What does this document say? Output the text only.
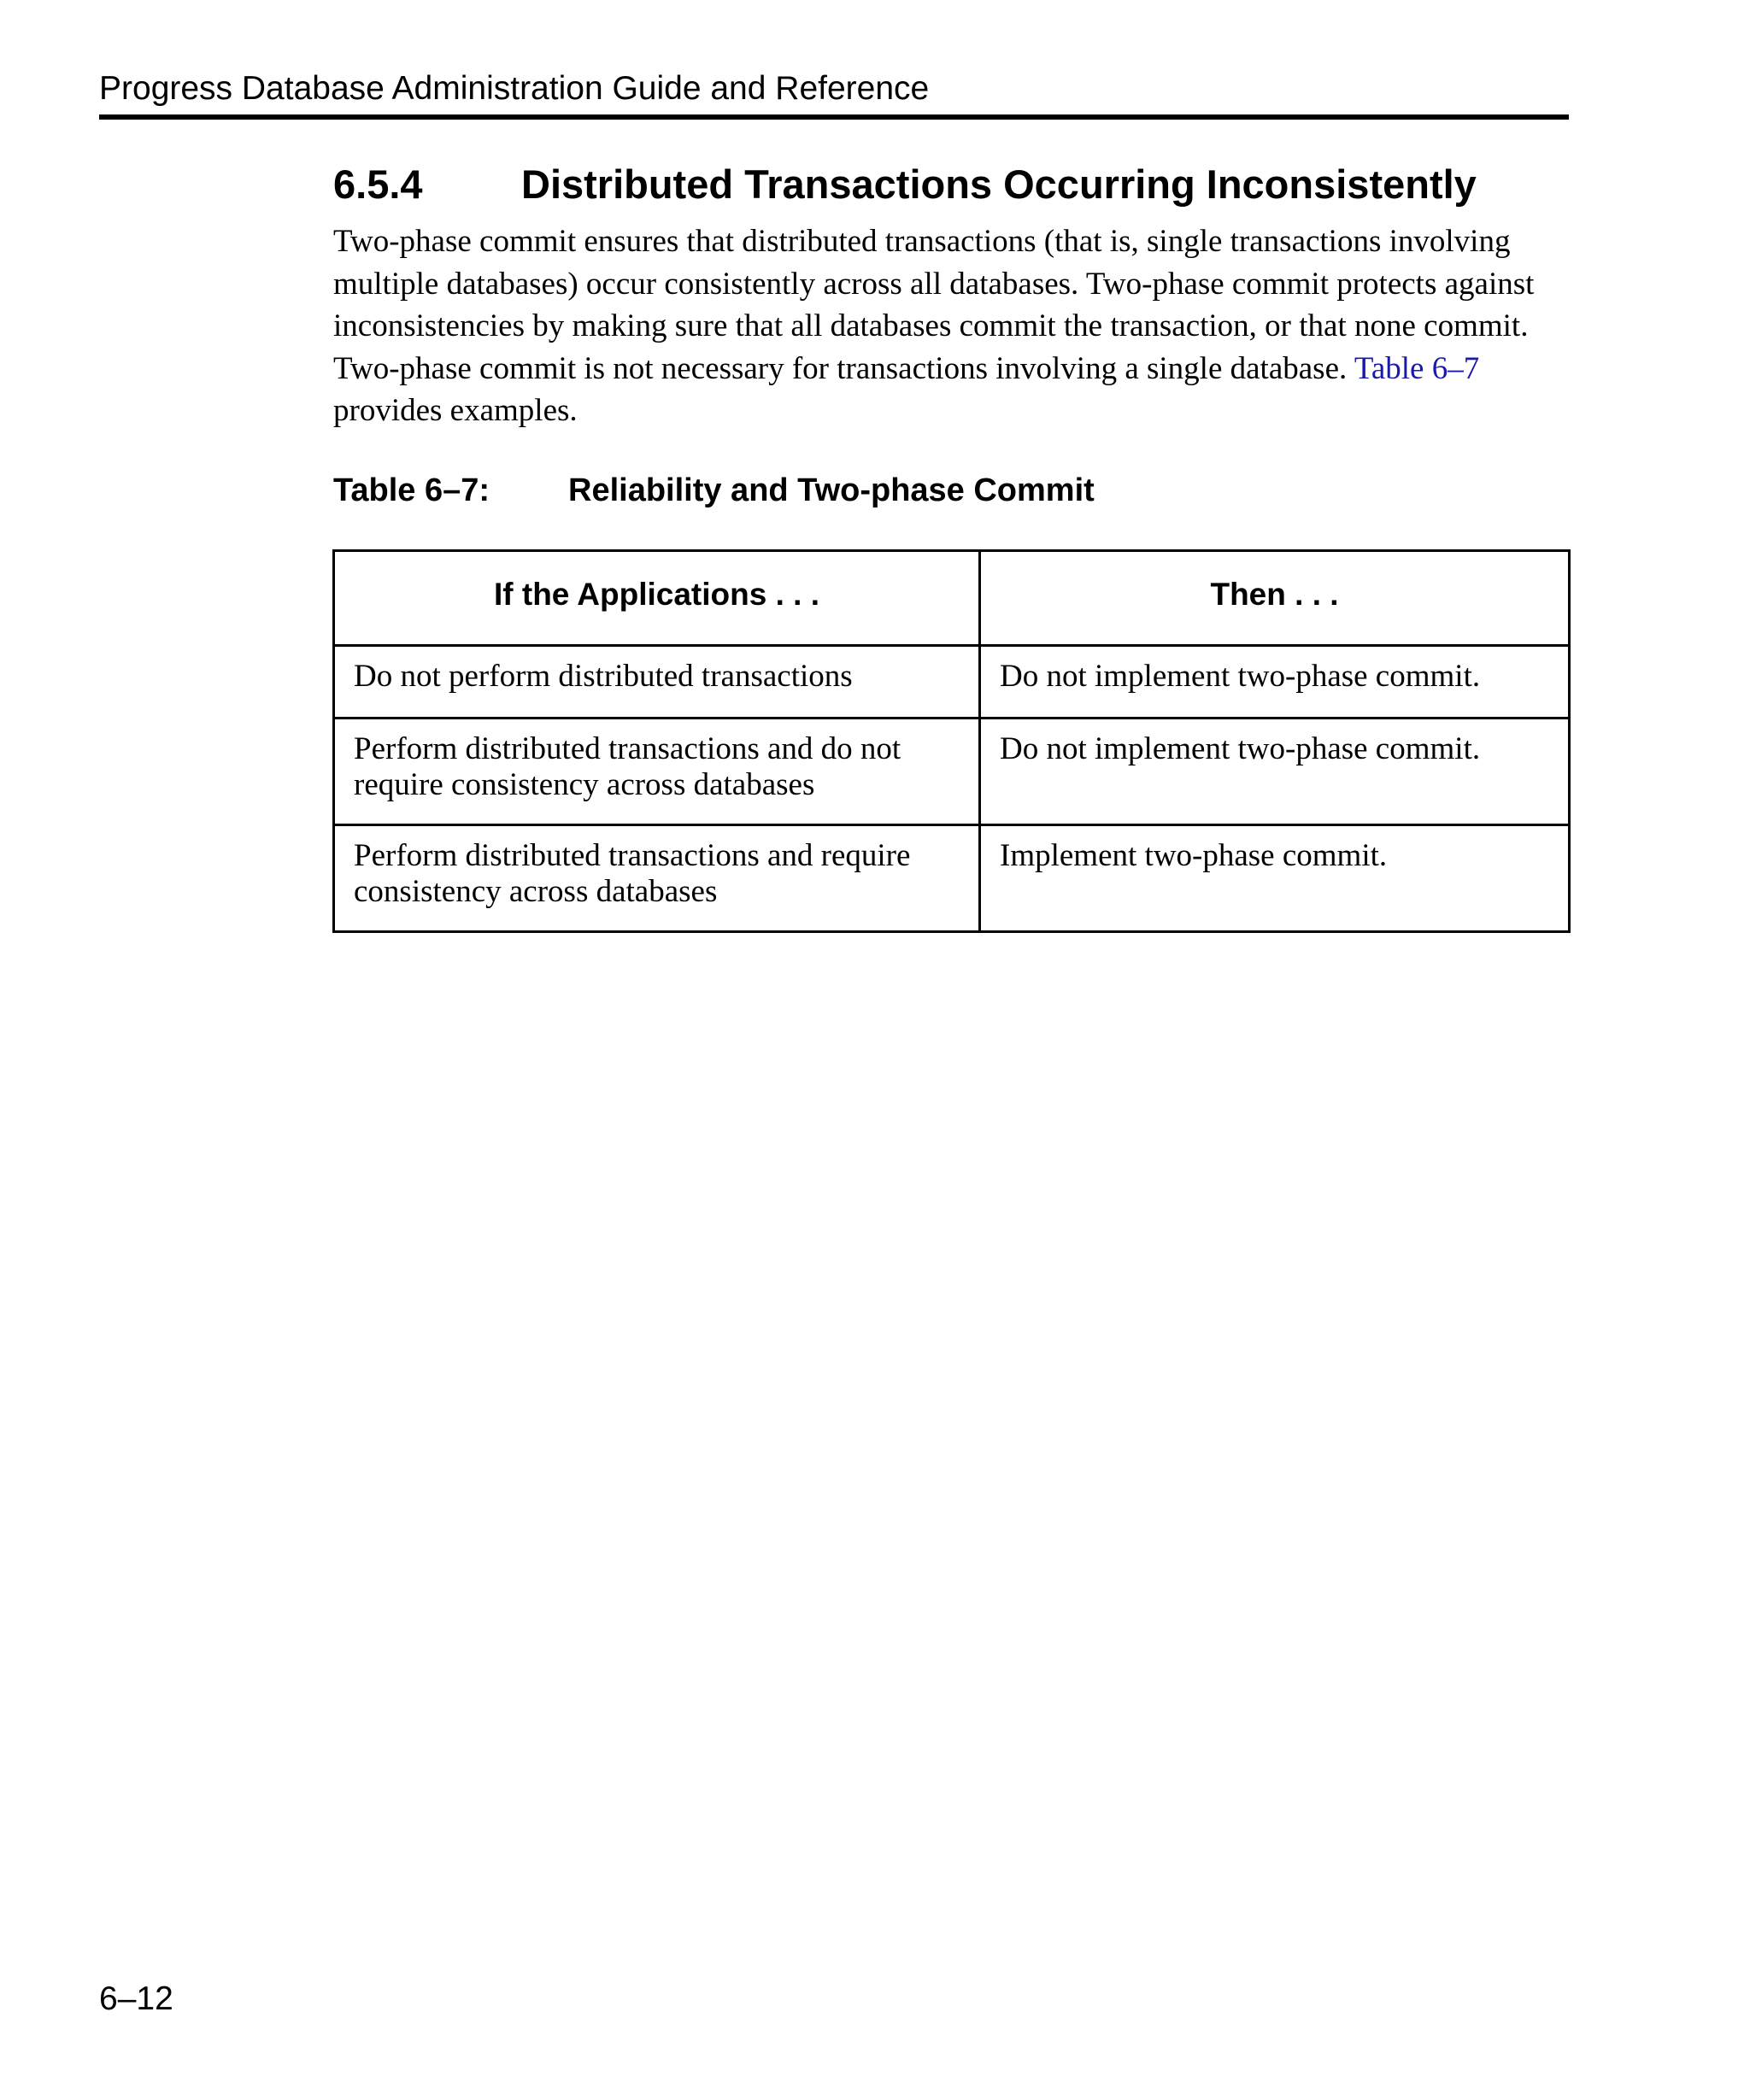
Progress Database Administration Guide and Reference
6.5.4 Distributed Transactions Occurring Inconsistently

Two-phase commit ensures that distributed transactions (that is, single transactions involving multiple databases) occur consistently across all databases. Two-phase commit protects against inconsistencies by making sure that all databases commit the transaction, or that none commit. Two-phase commit is not necessary for transactions involving a single database. Table 6–7 provides examples.

Table 6–7: Reliability and Two-phase Commit
If the Applications . . .	Then . . .
Do not perform distributed transactions	Do not implement two-phase commit.
Perform distributed transactions and do not require consistency across databases	Do not implement two-phase commit.
Perform distributed transactions and require consistency across databases	Implement two-phase commit.
6–12
